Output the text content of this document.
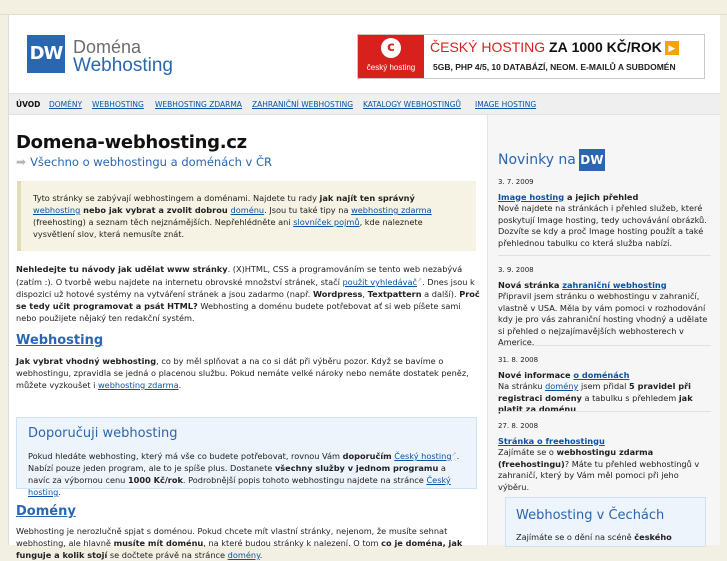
DW Doména
Webhosting
c
český hosting
ČESKÝ HOSTING ZA 1000 KČ/ROK ▶
5GB, PHP 4/5, 10 DATABÁZÍ, NEOM. E-MAILŮ A SUBDOMÉN
ÚVOD DOMÉNY WEBHOSTING WEBHOSTING ZDARMA ZAHRANIČNÍ WEBHOSTING KATALOGY WEBHOSTINGŮ IMAGE HOSTING
Domena-webhosting.cz
➡ Všechno o webhostingu a doménách v ČR
Tyto stránky se zabývají webhostingem a doménami. Najdete tu rady jak najít ten správný webhosting nebo jak vybrat a zvolit dobrou doménu. Jsou tu také tipy na webhosting zdarma (freehosting) a seznam těch nejznámějších. Nepřehlédněte ani slovníček pojmů, kde naleznete vysvětlení slov, která nemusíte znát.
Nehledejte tu návody jak udělat www stránky. (X)HTML, CSS a programováním se tento web nezabývá (zatím :). O tvorbě webu najdete na internetu obrovské množství stránek, stačí použít vyhledávač↗. Dnes jsou k dispozici už hotové systémy na vytváření stránek a jsou zadarmo (např. Wordpress, Textpattern a další). Proč se tedy učit programovat a psát HTML? Webhosting a doménu budete potřebovat ať si web píšete sami nebo použijete nějaký ten redakční systém.
Webhosting
Jak vybrat vhodný webhosting, co by měl splňovat a na co si dát při výběru pozor. Když se bavíme o webhostingu, zpravidla se jedná o placenou službu. Pokud nemáte velké nároky nebo nemáte dostatek peněz, můžete vyzkoušet i webhosting zdarma.
Doporučuji webhosting
Pokud hledáte webhosting, který má vše co budete potřebovat, rovnou Vám doporučím Český hosting↗. Nabízí pouze jeden program, ale to je spíše plus. Dostanete všechny služby v jednom programu a navíc za výbornou cenu 1000 Kč/rok. Podrobnější popis tohoto webhostingu najdete na stránce Český hosting.
Domény
Webhosting je nerozlučně spjat s doménou. Pokud chcete mít vlastní stránky, nejenom, že musíte sehnat webhosting, ale hlavně musíte mít doménu, na které budou stránky k nalezení. O tom co je doména, jak funguje a kolik stojí se dočtete právě na stránce domény.
Novinky na DW
3. 7. 2009
Image hosting a jejich přehled
Nově najdete na stránkách i přehled služeb, které poskytují Image hosting, tedy uchovávání obrázků. Dozvíte se kdy a proč Image hosting použít a také přehlednou tabulku co která služba nabízí.
3. 9. 2008
Nová stránka zahraniční webhosting
Připravil jsem stránku o webhostingu v zahraničí, vlastně v USA. Měla by vám pomoci v rozhodování kdy je pro vás zahraniční hosting vhodný a udělate si přehled o nejzajímavějších webhosterech v Americe.
31. 8. 2008
Nové informace o doménách
Na stránku domény jsem přidal 5 pravidel při registraci domény a tabulku s přehledem jak platit za doménu.
27. 8. 2008
Stránka o freehostingu
Zajímáte se o webhostingu zdarma (freehostingu)? Máte tu přehled webhostingů v zahraničí, který by Vám měl pomoci při jeho výběru.
Webhosting v Čechách
Zajímáte se o dění na scéně českého
